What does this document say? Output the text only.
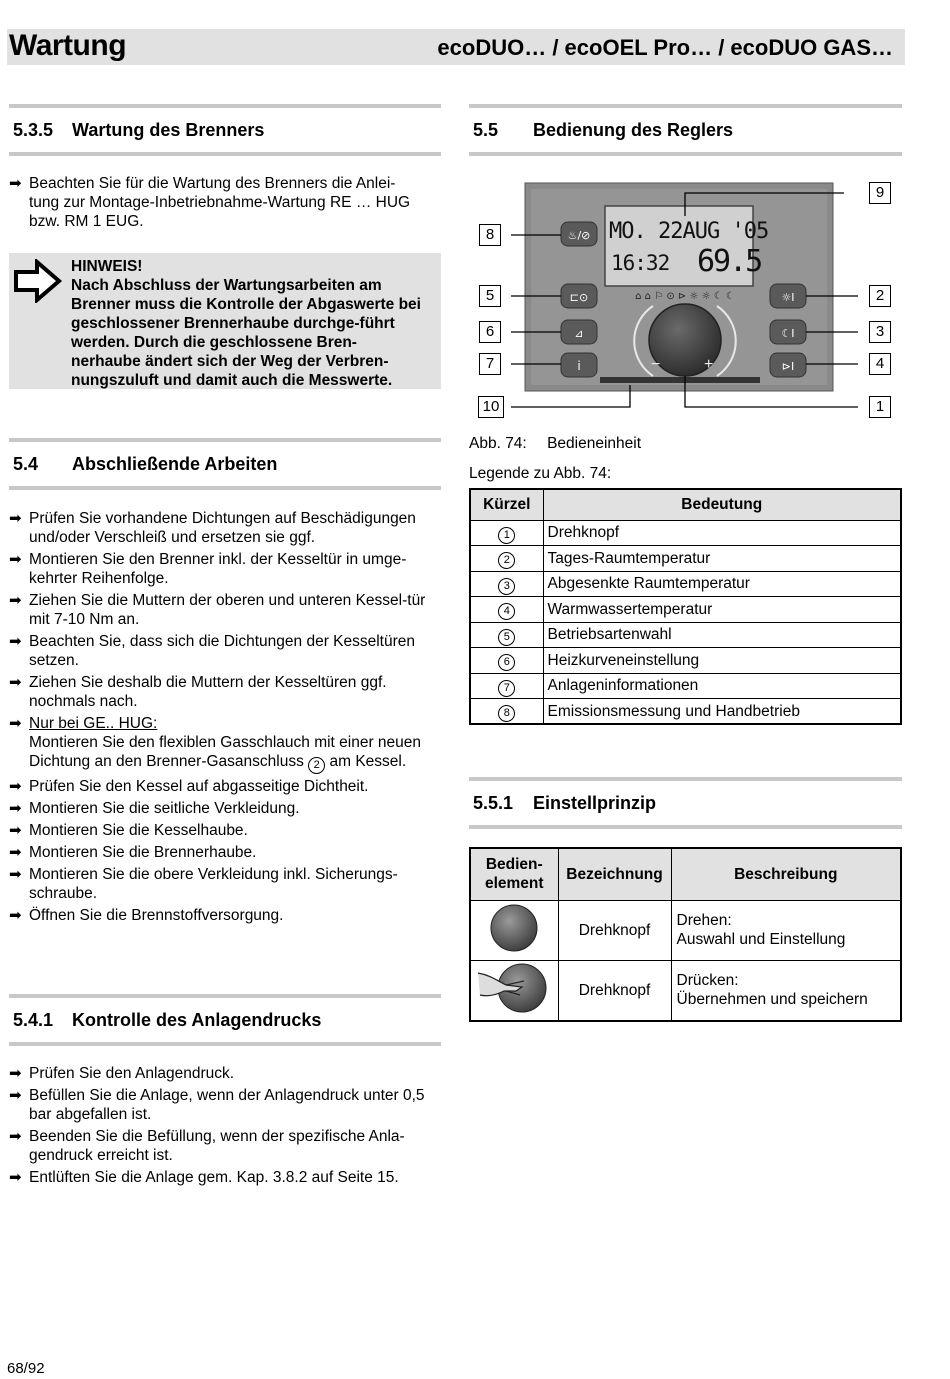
Wartung	ecoDUO… / ecoOEL Pro… / ecoDUO GAS…
5.3.5 Wartung des Brenners
➡ Beachten Sie für die Wartung des Brenners die Anlei-
tung zur Montage-Inbetriebnahme-Wartung RE … HUG
bzw. RM 1 EUG.
HINWEIS!
Nach Abschluss der Wartungsarbeiten am Brenner muss die Kontrolle der Abgaswerte bei geschlossener Brennerhaube durchge-führt werden. Durch die geschlossene Bren-nerhaube ändert sich der Weg der Verbren-nungszuluft und damit auch die Messwerte.
5.4 Abschließende Arbeiten
➡ Prüfen Sie vorhandene Dichtungen auf Beschädigungen und/oder Verschleiß und ersetzen sie ggf.
➡ Montieren Sie den Brenner inkl. der Kesseltür in umge-kehrter Reihenfolge.
➡ Ziehen Sie die Muttern der oberen und unteren Kessel-tür mit 7-10 Nm an.
➡ Beachten Sie, dass sich die Dichtungen der Kesseltüren setzen.
➡ Ziehen Sie deshalb die Muttern der Kesseltüren ggf. nochmals nach.
➡ Nur bei GE.. HUG:
Montieren Sie den flexiblen Gasschlauch mit einer neuen Dichtung an den Brenner-Gasanschluss 2 am Kessel.
➡ Prüfen Sie den Kessel auf abgasseitige Dichtheit.
➡ Montieren Sie die seitliche Verkleidung.
➡ Montieren Sie die Kesselhaube.
➡ Montieren Sie die Brennerhaube.
➡ Montieren Sie die obere Verkleidung inkl. Sicherungs-schraube.
➡ Öffnen Sie die Brennstoffversorgung.
5.4.1 Kontrolle des Anlagendrucks
➡ Prüfen Sie den Anlagendruck.
➡ Befüllen Sie die Anlage, wenn der Anlagendruck unter 0,5 bar abgefallen ist.
➡ Beenden Sie die Befüllung, wenn der spezifische Anla-gendruck erreicht ist.
➡ Entlüften Sie die Anlage gem. Kap. 3.8.2 auf Seite 15.
5.5 Bedienung des Reglers
♨/⊘
⊏⊙
⊿
i
☼I
☾I
⊳I
⌂ ⌂ ⚐ ⊙ ⊳ ☼ ☼ ☾ ☾
MO. 22AUG '05
16:32 69.5
−	+
1
2
3
4
5
6
7
8
9
10
Abb. 74: Bedieneinheit
Legende zu Abb. 74:
Kürzel	Bedeutung
1	Drehknopf
2	Tages-Raumtemperatur
3	Abgesenkte Raumtemperatur
4	Warmwassertemperatur
5	Betriebsartenwahl
6	Heizkurveneinstellung
7	Anlageninformationen
8	Emissionsmessung und Handbetrieb
5.5.1 Einstellprinzip
Bedien-
element	Bezeichnung	Beschreibung
	Drehknopf	Drehen:
Auswahl und Einstellung

	Drehknopf	Drücken:
Übernehmen und speichern
68/92
